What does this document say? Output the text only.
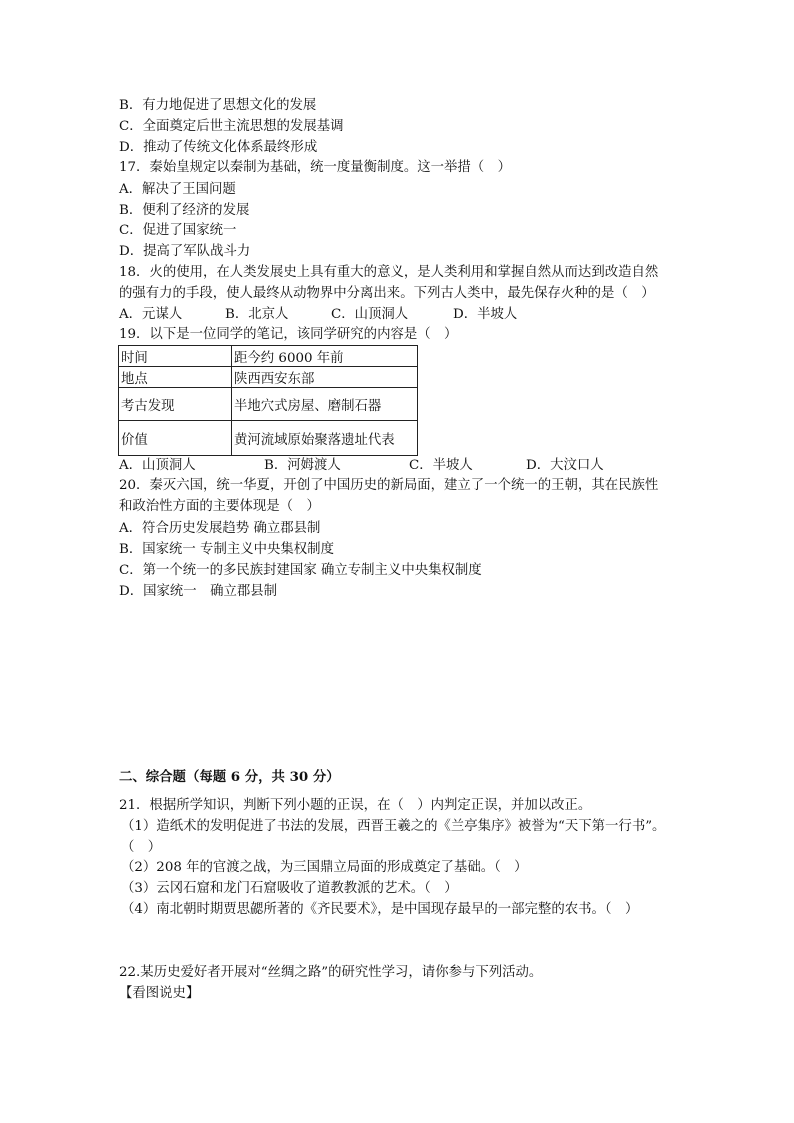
B．有力地促进了思想文化的发展
C．全面奠定后世主流思想的发展基调
D．推动了传统文化体系最终形成
17．秦始皇规定以秦制为基础，统一度量衡制度。这一举措（　）
A．解决了王国问题
B．便利了经济的发展
C．促进了国家统一
D．提高了军队战斗力
18．火的使用，在人类发展史上具有重大的意义，是人类利用和掌握自然从而达到改造自然
的强有力的手段，使人最终从动物界中分离出来。下列古人类中，最先保存火种的是（　）
A．元谋人	B．北京人	C．山顶洞人	D．半坡人
19．以下是一位同学的笔记，该同学研究的内容是（　）
时间	距今约 6000 年前
地点	陕西西安东部
考古发现	半地穴式房屋、磨制石器
价值	黄河流域原始聚落遗址代表
A．山顶洞人	B．河姆渡人	C．半坡人	D．大汶口人
20．秦灭六国，统一华夏，开创了中国历史的新局面，建立了一个统一的王朝，其在民族性
和政治性方面的主要体现是（　）
A．符合历史发展趋势 确立郡县制
B．国家统一 专制主义中央集权制度
C．第一个统一的多民族封建国家 确立专制主义中央集权制度
D．国家统一　确立郡县制
二、综合题（每题 6 分，共 30 分）
21．根据所学知识，判断下列小题的正误，在（　）内判定正误，并加以改正。
（1）造纸术的发明促进了书法的发展，西晋王羲之的《兰亭集序》被誉为“天下第一行书”。
（　）
（2）208 年的官渡之战，为三国鼎立局面的形成奠定了基础。（　）
（3）云冈石窟和龙门石窟吸收了道教教派的艺术。（　）
（4）南北朝时期贾思勰所著的《齐民要术》，是中国现存最早的一部完整的农书。（　）
22.某历史爱好者开展对“丝绸之路”的研究性学习，请你参与下列活动。
【看图说史】
